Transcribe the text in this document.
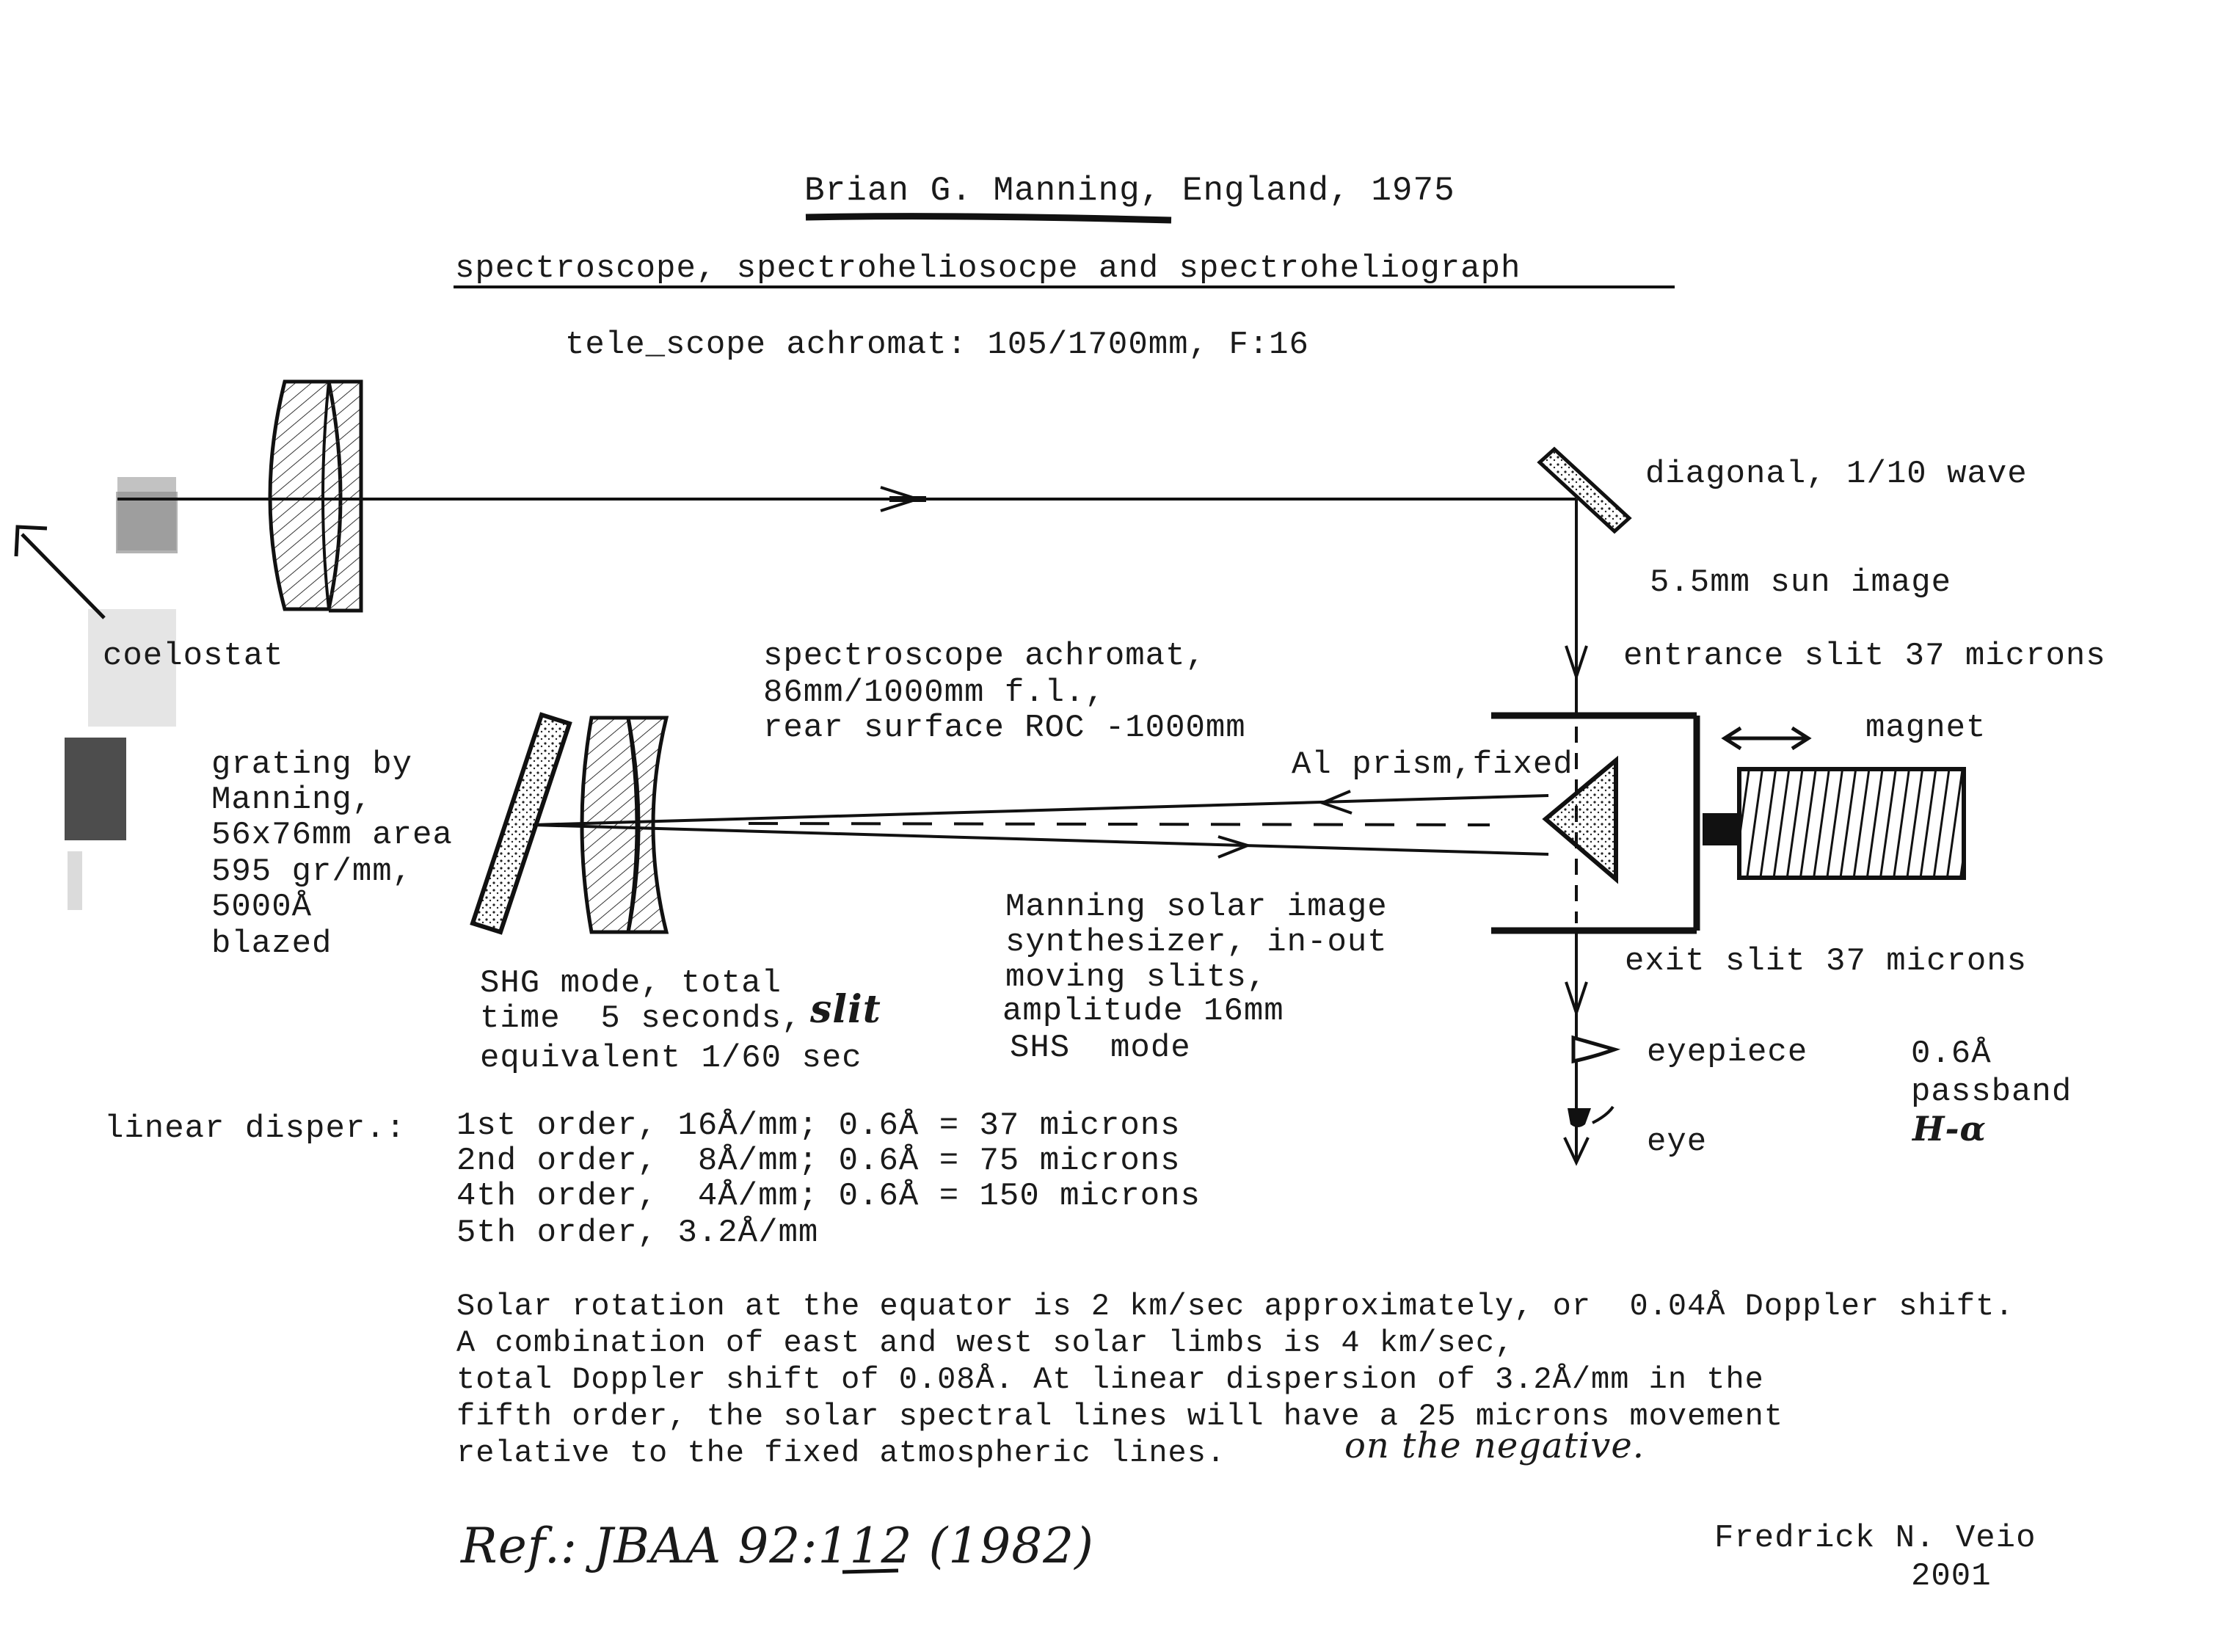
Brian G. Manning, England, 1975
spectroscope, spectroheliosocpe and spectroheliograph
tele_scope achromat: 105/1700mm, F:16
coelostat
diagonal, 1/10 wave
5.5mm sun image
entrance slit 37 microns
magnet
spectroscope achromat,
86mm/1000mm f.l.,
rear surface ROC -1000mm
Al prism,fixed
grating by
Manning,
56x76mm area
595 gr/mm,
5000Å
blazed
Manning solar image
synthesizer, in-out
moving slits,
amplitude 16mm
SHS  mode
SHG mode, total
time  5 seconds,
equivalent 1/60 sec
slit
exit slit 37 microns
eyepiece
eye
0.6Å
passband
H-α
linear disper.: 1st order, 16Å/mm; 0.6Å = 37 microns
2nd order,  8Å/mm; 0.6Å = 75 microns
4th order,  4Å/mm; 0.6Å = 150 microns
5th order, 3.2Å/mm
Solar rotation at the equator is 2 km/sec approximately, or  0.04Å Doppler shift.
A combination of east and west solar limbs is 4 km/sec,
total Doppler shift of 0.08Å. At linear dispersion of 3.2Å/mm in the
fifth order, the solar spectral lines will have a 25 microns movement
relative to the fixed atmospheric lines.	on the negative.
Ref.: JBAA 92:112 (1982)	Fredrick N. Veio
2001
